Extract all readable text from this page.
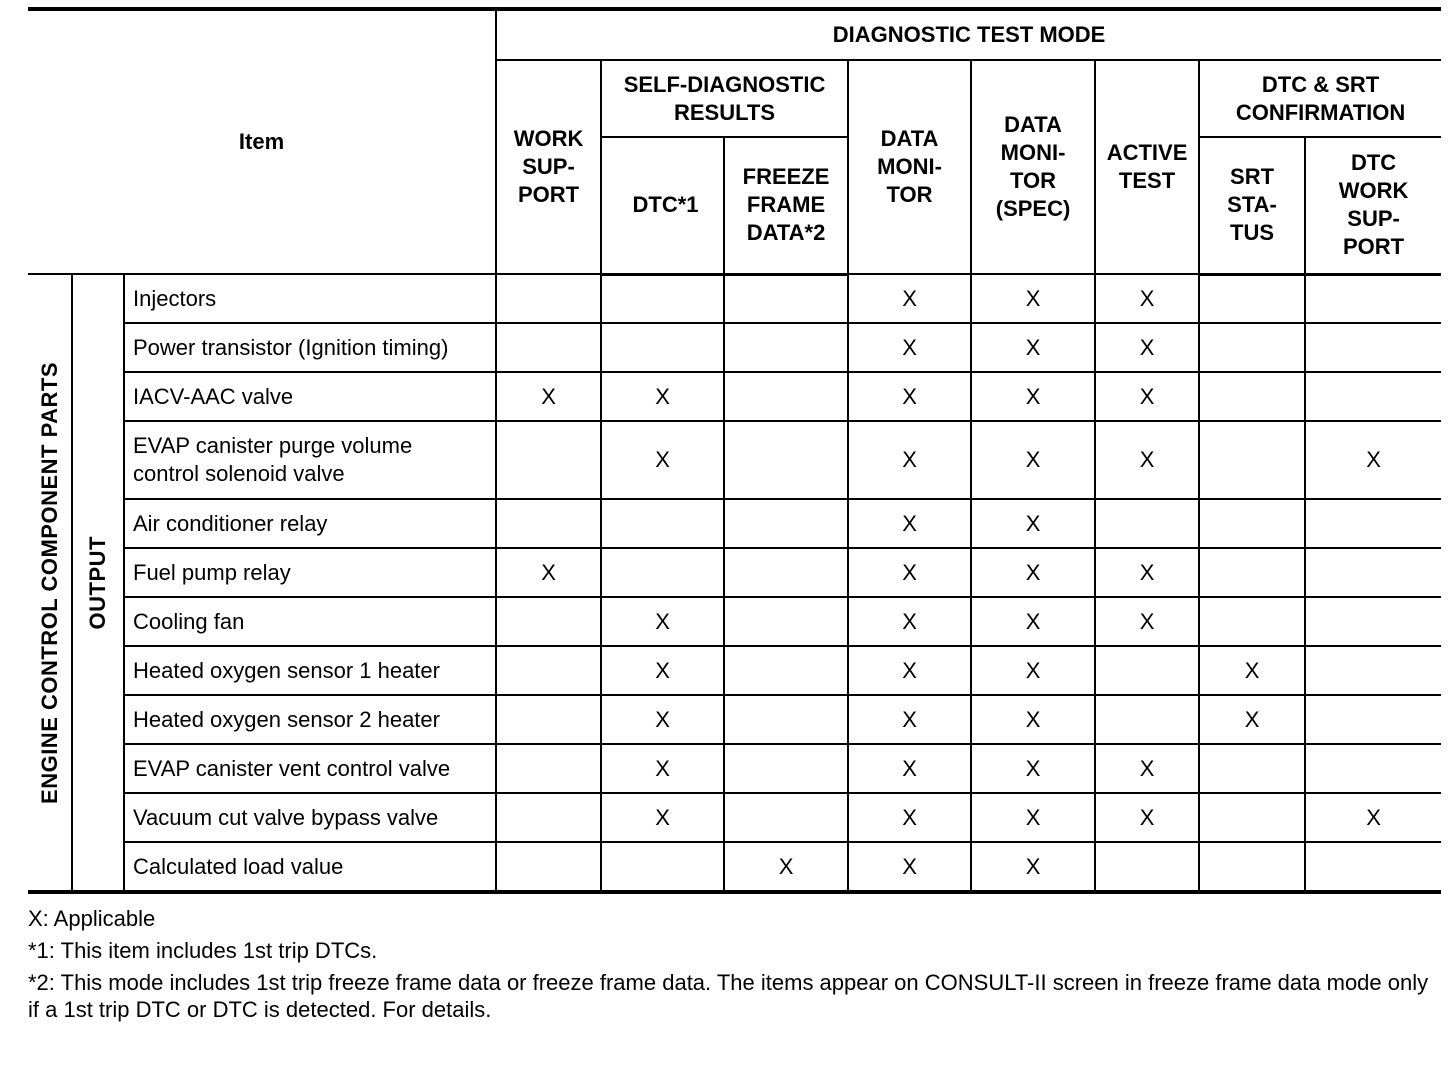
Item			DIAGNOSTIC TEST MODE							
			WORK SUP-PORT	SELF-DIAGNOSTIC RESULTS		DATA MONI-TOR	DATA MONI-TOR (SPEC)	ACTIVE TEST	DTC & SRT CONFIRMATION	
				DTC*1	FREEZE FRAME DATA*2				SRT STA-TUS	DTC WORK SUP-PORT

ENGINE CONTROL COMPONENT PARTS	OUTPUT	Injectors				X	X	X		
		Power transistor (Ignition timing)				X	X	X		
		IACV-AAC valve	X	X		X	X	X		
		EVAP canister purge volume control solenoid valve		X		X	X	X		X
		Air conditioner relay				X	X			
		Fuel pump relay	X			X	X	X		
		Cooling fan		X		X	X	X		
		Heated oxygen sensor 1 heater		X		X	X		X	
		Heated oxygen sensor 2 heater		X		X	X		X	
		EVAP canister vent control valve		X		X	X	X		
		Vacuum cut valve bypass valve		X		X	X	X		X
		Calculated load value			X	X	X			

X: Applicable

*1: This item includes 1st trip DTCs.

*2: This mode includes 1st trip freeze frame data or freeze frame data. The items appear on CONSULT-II screen in freeze frame data mode only if a 1st trip DTC or DTC is detected. For details.
